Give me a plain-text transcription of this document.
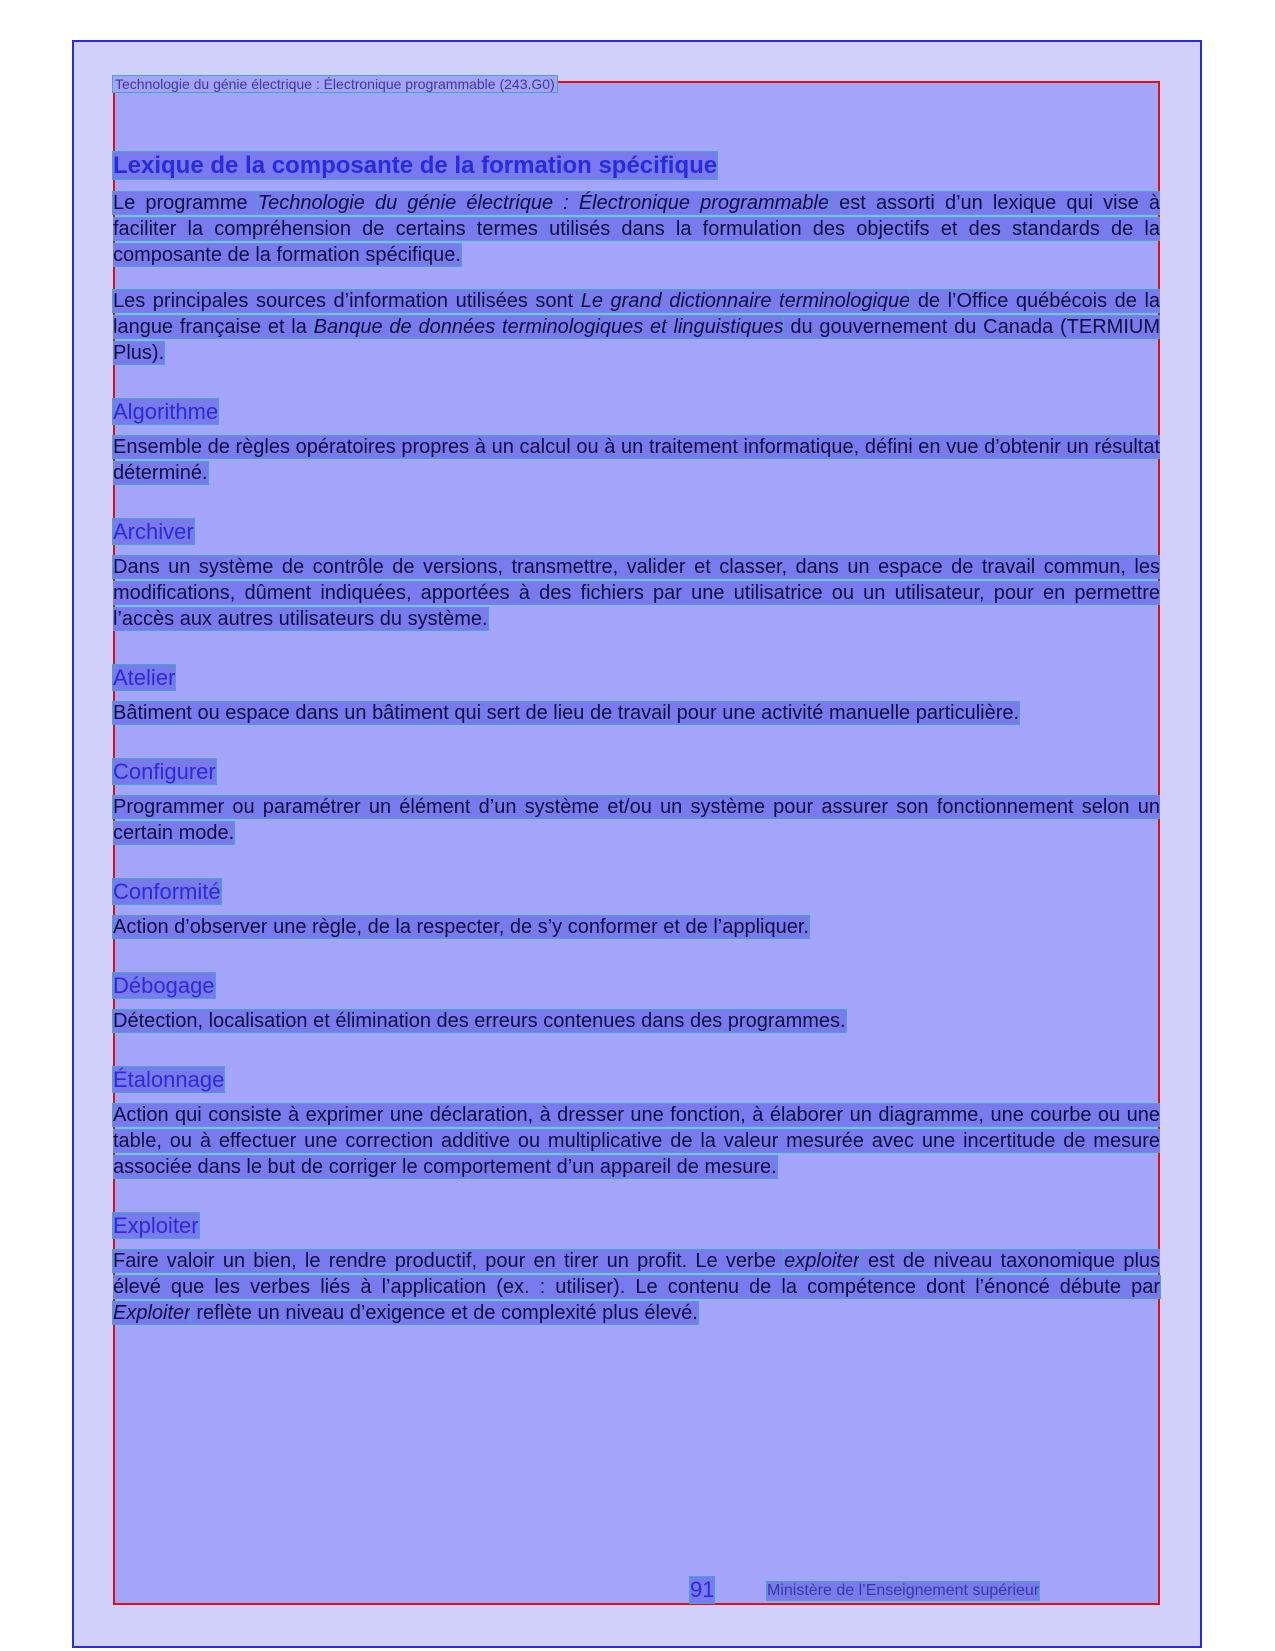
Technologie du génie électrique : Électronique programmable (243.G0)
Lexique de la composante de la formation spécifique

Le programme Technologie du génie électrique : Électronique programmable est assorti d’un lexique qui vise à faciliter la compréhension de certains termes utilisés dans la formulation des objectifs et des standards de la composante de la formation spécifique.

Les principales sources d’information utilisées sont Le grand dictionnaire terminologique de l’Office québécois de la langue française et la Banque de données terminologiques et linguistiques du gouvernement du Canada (TERMIUM Plus).

Algorithme

Ensemble de règles opératoires propres à un calcul ou à un traitement informatique, défini en vue d’obtenir un résultat déterminé.

Archiver

Dans un système de contrôle de versions, transmettre, valider et classer, dans un espace de travail commun, les modifications, dûment indiquées, apportées à des fichiers par une utilisatrice ou un utilisateur, pour en permettre l’accès aux autres utilisateurs du système.

Atelier

Bâtiment ou espace dans un bâtiment qui sert de lieu de travail pour une activité manuelle particulière.

Configurer

Programmer ou paramétrer un élément d’un système et/ou un système pour assurer son fonctionnement selon un certain mode.

Conformité

Action d’observer une règle, de la respecter, de s’y conformer et de l’appliquer.

Débogage

Détection, localisation et élimination des erreurs contenues dans des programmes.

Étalonnage

Action qui consiste à exprimer une déclaration, à dresser une fonction, à élaborer un diagramme, une courbe ou une table, ou à effectuer une correction additive ou multiplicative de la valeur mesurée avec une incertitude de mesure associée dans le but de corriger le comportement d’un appareil de mesure.

Exploiter

Faire valoir un bien, le rendre productif, pour en tirer un profit. Le verbe exploiter est de niveau taxonomique plus élevé que les verbes liés à l’application (ex. : utiliser). Le contenu de la compétence dont l’énoncé débute par Exploiter reflète un niveau d’exigence et de complexité plus élevé.

91	Ministère de l’Enseignement supérieur
